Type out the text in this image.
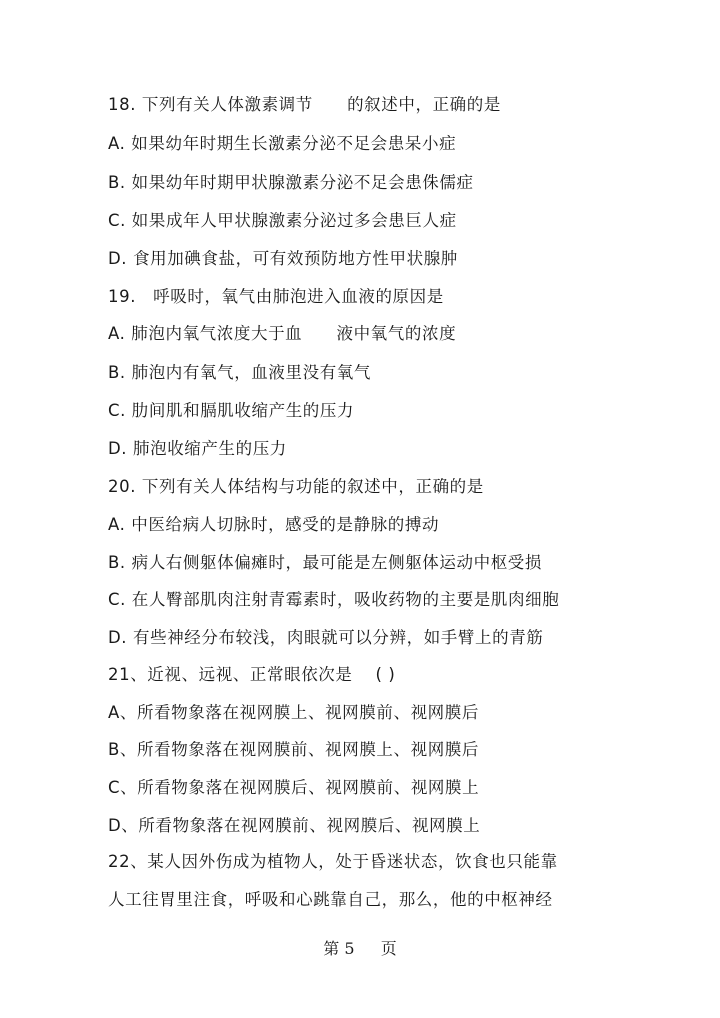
18. 下列有关人体激素调节　　的叙述中，正确的是
A. 如果幼年时期生长激素分泌不足会患呆小症
B. 如果幼年时期甲状腺激素分泌不足会患侏儒症
C. 如果成年人甲状腺激素分泌过多会患巨人症
D. 食用加碘食盐，可有效预防地方性甲状腺肿
19.　呼吸时，氧气由肺泡进入血液的原因是
A. 肺泡内氧气浓度大于血　　液中氧气的浓度
B. 肺泡内有氧气，血液里没有氧气
C. 肋间肌和膈肌收缩产生的压力
D. 肺泡收缩产生的压力
20. 下列有关人体结构与功能的叙述中，正确的是
A. 中医给病人切脉时，感受的是静脉的搏动
B. 病人右侧躯体偏瘫时，最可能是左侧躯体运动中枢受损
C. 在人臀部肌肉注射青霉素时，吸收药物的主要是肌肉细胞
D. 有些神经分布较浅，肉眼就可以分辨，如手臂上的青筋
21、近视、远视、正常眼依次是　 ( )
A、所看物象落在视网膜上、视网膜前、视网膜后
B、所看物象落在视网膜前、视网膜上、视网膜后
C、所看物象落在视网膜后、视网膜前、视网膜上
D、所看物象落在视网膜前、视网膜后、视网膜上
22、某人因外伤成为植物人，处于昏迷状态，饮食也只能靠
人工往胃里注食，呼吸和心跳靠自己，那么，他的中枢神经
第 5　  页
